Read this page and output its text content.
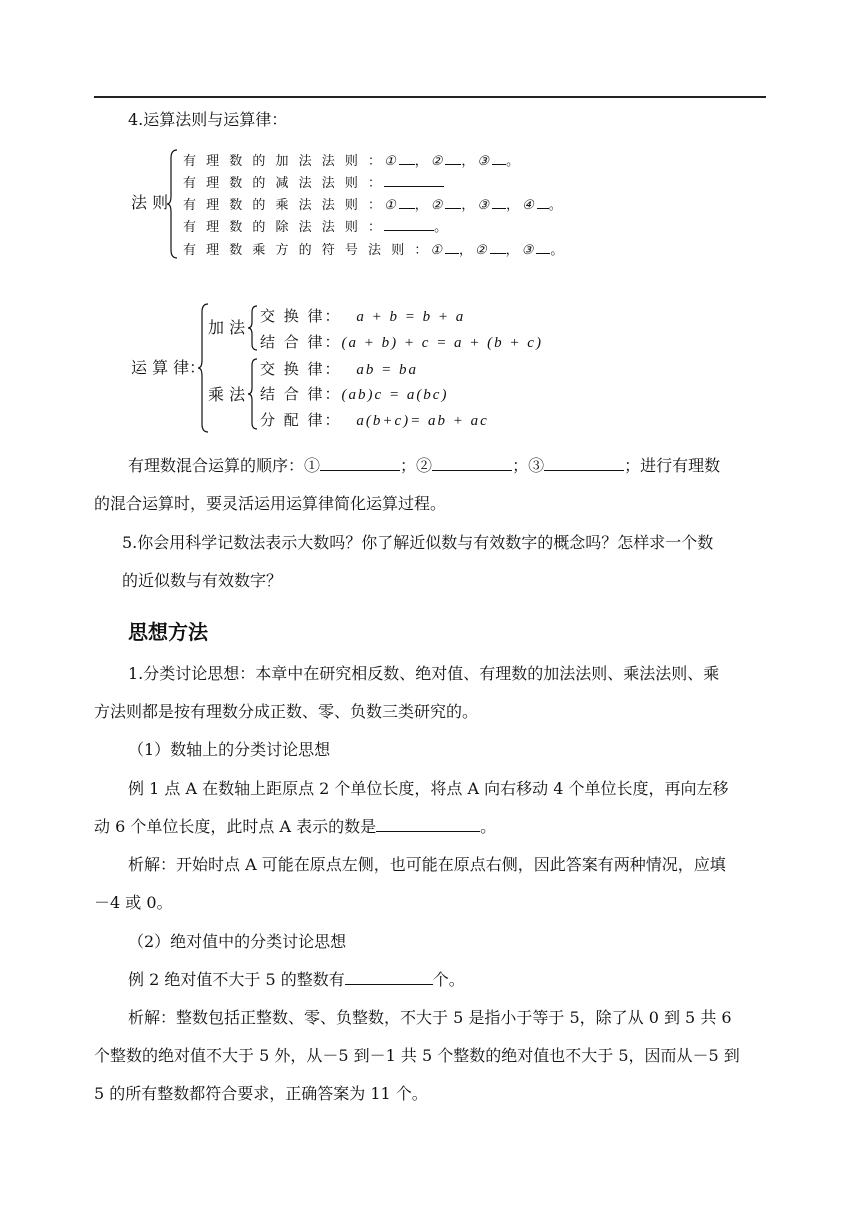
4.运算法则与运算律：
法 则
有 理 数 的 加 法 法 则 ：① ，② ，③ 。
有 理 数 的 减 法 法 则 ：
有 理 数 的 乘 法 法 则 ：① ，② ，③ ，④ 。
有 理 数 的 除 法 法 则 ：	。
有 理 数 乘 方 的 符 号 法 则 ：① ，② ，③ 。
运 算 律：
加 法
交 换 律： a + b = b + a
结 合 律：(a + b) + c = a + (b + c)
乘 法
交 换 律： ab = ba
结 合 律：(ab)c = a(bc)
分 配 律： a(b+c)= ab + ac
有理数混合运算的顺序：①	；②	；③	；进行有理数
的混合运算时，要灵活运用运算律简化运算过程。
5.你会用科学记数法表示大数吗？你了解近似数与有效数字的概念吗？怎样求一个数
的近似数与有效数字？
思想方法
1.分类讨论思想：本章中在研究相反数、绝对值、有理数的加法法则、乘法法则、乘
方法则都是按有理数分成正数、零、负数三类研究的。
（1）数轴上的分类讨论思想
例 1 点 A 在数轴上距原点 2 个单位长度，将点 A 向右移动 4 个单位长度，再向左移
动 6 个单位长度，此时点 A 表示的数是	。
析解：开始时点 A 可能在原点左侧，也可能在原点右侧，因此答案有两种情况，应填
－4 或 0。
（2）绝对值中的分类讨论思想
例 2 绝对值不大于 5 的整数有	个。
析解：整数包括正整数、零、负整数，不大于 5 是指小于等于 5，除了从 0 到 5 共 6
个整数的绝对值不大于 5 外，从－5 到－1 共 5 个整数的绝对值也不大于 5，因而从－5 到
5 的所有整数都符合要求，正确答案为 11 个。
